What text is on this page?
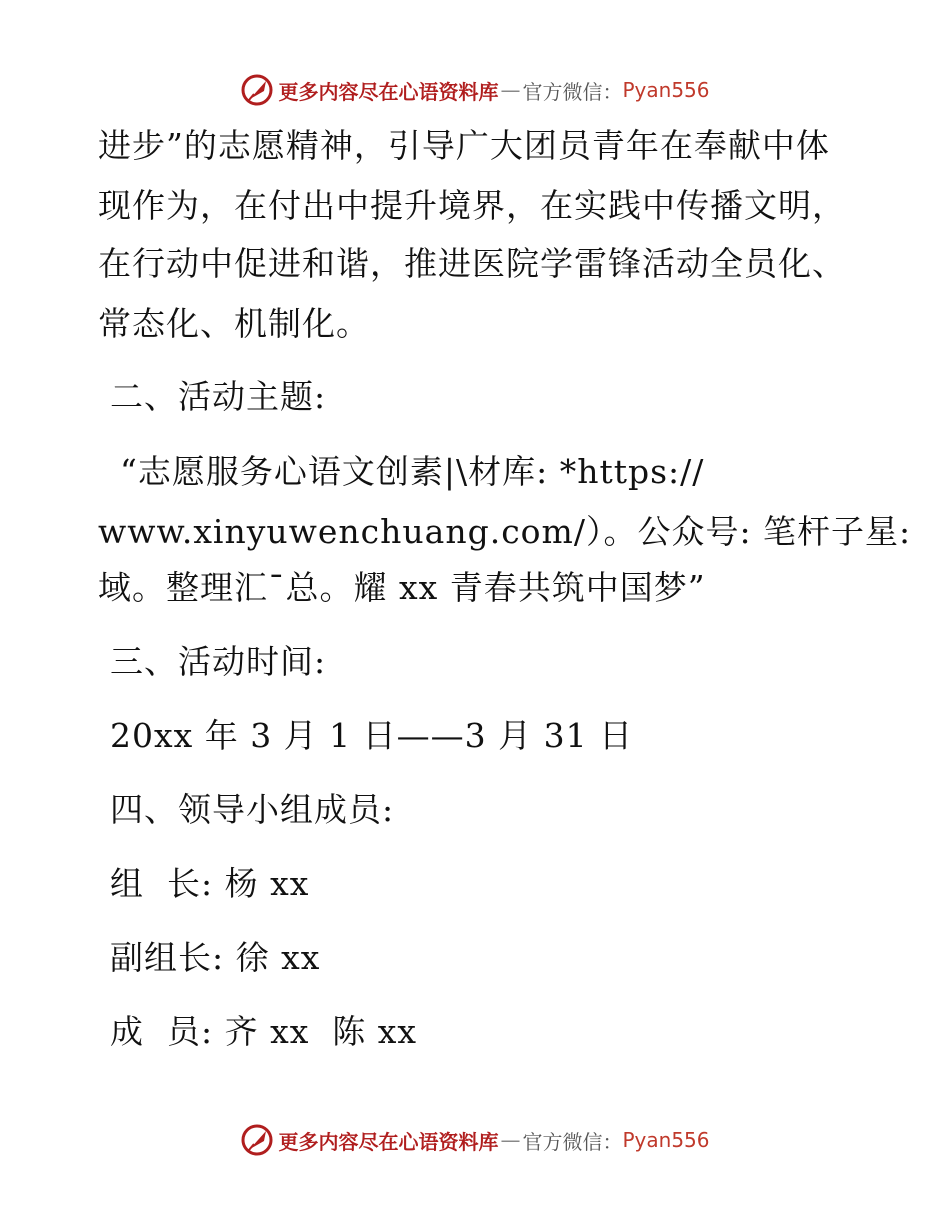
更多内容尽在心语资料库 — 官方微信： Pyan556
进步”的志愿精神，引导广大团员青年在奉献中体
现作为，在付出中提升境界，在实践中传播文明，
在行动中促进和谐，推进医院学雷锋活动全员化、
常态化、机制化。
二、活动主题:
“志愿服务心语文创素|\材库: *https://
www.xinyuwenchuang.com/）。公众号: 笔杆子星:
域。整理汇¯总。耀 xx 青春共筑中国梦”
三、活动时间:
20xx 年 3 月 1 日——3 月 31 日
四、领导小组成员:
组  长: 杨 xx
副组长: 徐 xx
成  员: 齐 xx  陈 xx
更多内容尽在心语资料库 — 官方微信： Pyan556
